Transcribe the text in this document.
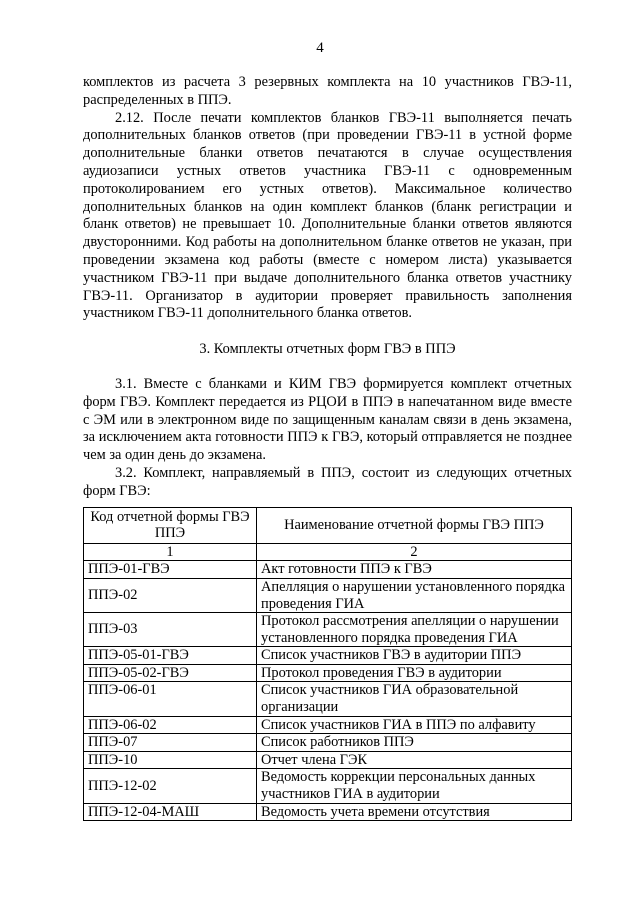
4

комплектов из расчета 3 резервных комплекта на 10 участников ГВЭ-11, распределенных в ППЭ.

2.12. После печати комплектов бланков ГВЭ-11 выполняется печать дополнительных бланков ответов (при проведении ГВЭ-11 в устной форме дополнительные бланки ответов печатаются в случае осуществления аудиозаписи устных ответов участника ГВЭ-11 с одновременным протоколированием его устных ответов). Максимальное количество дополнительных бланков на один комплект бланков (бланк регистрации и бланк ответов) не превышает 10. Дополнительные бланки ответов являются двусторонними. Код работы на дополнительном бланке ответов не указан, при проведении экзамена код работы (вместе с номером листа) указывается участником ГВЭ-11 при выдаче дополнительного бланка ответов участнику ГВЭ-11. Организатор в аудитории проверяет правильность заполнения участником ГВЭ-11 дополнительного бланка ответов.

3. Комплекты отчетных форм ГВЭ в ППЭ

3.1. Вместе с бланками и КИМ ГВЭ формируется комплект отчетных форм ГВЭ. Комплект передается из РЦОИ в ППЭ в напечатанном виде вместе с ЭМ или в электронном виде по защищенным каналам связи в день экзамена, за исключением акта готовности ППЭ к ГВЭ, который отправляется не позднее чем за один день до экзамена.

3.2. Комплект, направляемый в ППЭ, состоит из следующих отчетных форм ГВЭ:

Код отчетной формы ГВЭ ППЭ	Наименование отчетной формы ГВЭ ППЭ
1	2
ППЭ-01-ГВЭ	Акт готовности ППЭ к ГВЭ
ППЭ-02	Апелляция о нарушении установленного порядка проведения ГИА
ППЭ-03	Протокол рассмотрения апелляции о нарушении установленного порядка проведения ГИА
ППЭ-05-01-ГВЭ	Список участников ГВЭ в аудитории ППЭ
ППЭ-05-02-ГВЭ	Протокол проведения ГВЭ в аудитории
ППЭ-06-01	Список участников ГИА образовательной организации
ППЭ-06-02	Список участников ГИА в ППЭ по алфавиту
ППЭ-07	Список работников ППЭ
ППЭ-10	Отчет члена ГЭК
ППЭ-12-02	Ведомость коррекции персональных данных участников ГИА в аудитории
ППЭ-12-04-МАШ	Ведомость учета времени отсутствия
